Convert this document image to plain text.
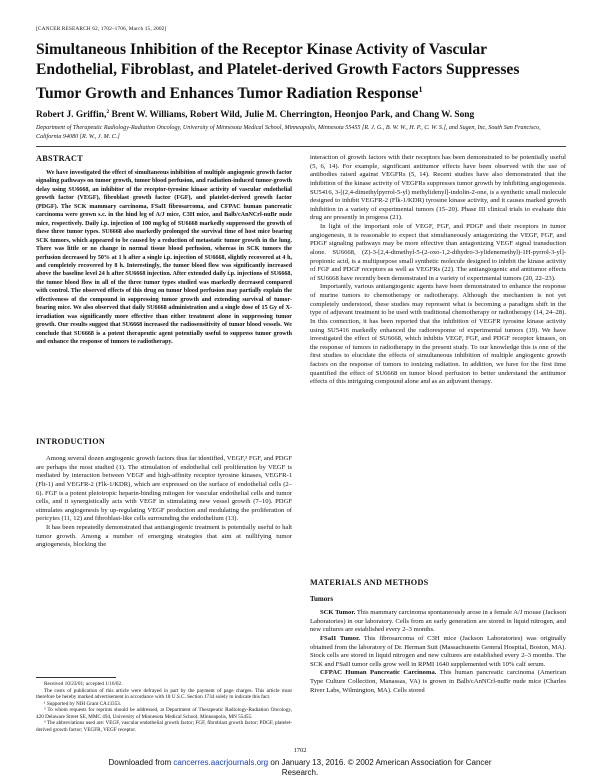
[CANCER RESEARCH 62, 1702–1706, March 15, 2002]
Simultaneous Inhibition of the Receptor Kinase Activity of Vascular Endothelial, Fibroblast, and Platelet-derived Growth Factors Suppresses Tumor Growth and Enhances Tumor Radiation Response$^1$
Robert J. Griffin,$^2$ Brent W. Williams, Robert Wild, Julie M. Cherrington, Heonjoo Park, and Chang W. Song
Department of Therapeutic Radiology-Radiation Oncology, University of Minnesota Medical School, Minneapolis, Minnesota 55455 [R. J. G., B. W. W., H. P., C. W. S.], and Sugen, Inc, South San Francisco, California 94080 [R. W., J. M. C.]
ABSTRACT

We have investigated the effect of simultaneous inhibition of multiple angiogenic growth factor signaling pathways on tumor growth, tumor blood perfusion, and radiation-induced tumor-growth delay using SU6668, an inhibitor of the receptor-tyrosine kinase activity of vascular endothelial growth factor (VEGF), fibroblast growth factor (FGF), and platelet-derived growth factor (PDGF). The SCK mammary carcinoma, FSaII fibrosarcoma, and CFPAC human pancreatic carcinoma were grown s.c. in the hind leg of A/J mice, C3H mice, and Balb/cAnNCrl-nuBr nude mice, respectively. Daily i.p. injection of 100 mg/kg of SU6668 markedly suppressed the growth of these three tumor types. SU6668 also markedly prolonged the survival time of host mice bearing SCK tumors, which appeared to be caused by a reduction of metastatic tumor growth in the lung. There was little or no change in normal tissue blood perfusion, whereas in SCK tumors the perfusion decreased by 50% at 1 h after a single i.p. injection of SU6668, slightly recovered at 4 h, and completely recovered by 8 h. Interestingly, the tumor blood flow was significantly increased above the baseline level 24 h after SU6668 injection. After extended daily i.p. injections of SU6668, the tumor blood flow in all of the three tumor types studied was markedly decreased compared with control. The observed effects of this drug on tumor blood perfusion may partially explain the effectiveness of the compound in suppressing tumor growth and extending survival of tumor-bearing mice. We also observed that daily SU6668 administration and a single dose of 15 Gy of X-irradiation was significantly more effective than either treatment alone in suppressing tumor growth. Our results suggest that SU6668 increased the radiosensitivity of tumor blood vessels. We conclude that SU6668 is a potent therapeutic agent potentially useful to suppress tumor growth and enhance the response of tumors to radiotherapy.

INTRODUCTION

Among several dozen angiogenic growth factors thus far identified, VEGF,³ FGF, and PDGF are perhaps the most studied (1). The stimulation of endothelial cell proliferation by VEGF is mediated by interaction between VEGF and high-affinity receptor tyrosine kinases, VEGFR-1 (Flt-1) and VEGFR-2 (Flk-1/KDR), which are expressed on the surface of endothelial cells (2–6). FGF is a potent pleiotropic heparin-binding mitogen for vascular endothelial cells and tumor cells, and it synergistically acts with VEGF in stimulating new vessel growth (7–10). PDGF stimulates angiogenesis by up-regulating VEGF production and modulating the proliferation of pericytes (11, 12) and fibroblast-like cells surrounding the endothelium (13).

It has been repeatedly demonstrated that antiangiogenic treatment is potentially useful to halt tumor growth. Among a number of emerging strategies that aim at nullifying tumor angiogenesis, blocking the

Received 10/23/01; accepted 1/16/02.
The costs of publication of this article were defrayed in part by the payment of page charges. This article must therefore be hereby marked advertisement in accordance with 18 U.S.C. Section 1734 solely to indicate this fact.
¹ Supported by NIH Grant CA13353.
² To whom requests for reprints should be addressed, at Department of Therapeutic Radiology-Radiation Oncology, 420 Delaware Street SE, MMC 494, University of Minnesota Medical School, Minneapolis, MN 55455.
³ The abbreviations used are: VEGF, vascular endothelial growth factor; FGF, fibroblast growth factor; PDGF, platelet-derived growth factor; VEGFR, VEGF receptor.

interaction of growth factors with their receptors has been demonstrated to be potentially useful (5, 6, 14). For example, significant antitumor effects have been observed with the use of antibodies raised against VEGFRs (5, 14). Recent studies have also demonstrated that the inhibition of the kinase activity of VEGFRs suppresses tumor growth by inhibiting angiogenesis. SU5416, 3-[(2,4-dimethylpyrrol-5-yl) methylidenyl]-indolin-2-one, is a synthetic small molecule designed to inhibit VEGFR-2 (Flk-1/KDR) tyrosine kinase activity, and it causes marked growth inhibition in a variety of experimental tumors (15–20). Phase III clinical trials to evaluate this drug are presently in progress (21).

In light of the important role of VEGF, FGF, and PDGF and their receptors in tumor angiogenesis, it is reasonable to expect that simultaneously antagonizing the VEGF, FGF, and PDGF signaling pathways may be more effective than antagonizing VEGF signal transduction alone. SU6668, (Z)-3-[2,4-dimethyl-5-(2-oxo-1,2-dihydro-3-ylidenemethyl)-1H-pyrrol-3-yl]-propionic acid, is a multipurpose small synthetic molecule designed to inhibit the kinase activity of FGF and PDGF receptors as well as VEGFRs (22). The antiangiogenic and antitumor effects of SU6668 have recently been demonstrated in a variety of experimental tumors (20, 22–23).

Importantly, various antiangiogenic agents have been demonstrated to enhance the response of murine tumors to chemotherapy or radiotherapy. Although the mechanism is not yet completely understood, these studies may represent what is becoming a paradigm shift in the type of adjuvant treatment to be used with traditional chemotherapy or radiotherapy (14, 24–28). In this connection, it has been reported that the inhibition of VEGFR tyrosine kinase activity using SU5416 markedly enhanced the radioresponse of experimental tumors (19). We have investigated the effect of SU6668, which inhibits VEGF, FGF, and PDGF receptor kinases, on the response of tumors to radiotherapy in the present study. To our knowledge this is one of the first studies to elucidate the effects of simultaneous inhibition of multiple angiogenic growth factors on the response of tumors to ionizing radiation. In addition, we have for the first time quantified the effect of SU6668 on tumor blood perfusion to better understand the antitumor effects of this intriguing compound alone and as an adjuvant therapy.

MATERIALS AND METHODS

Tumors

SCK Tumor. This mammary carcinoma spontaneously arose in a female A/J mouse (Jackson Laboratories) in our laboratory. Cells from an early generation are stored in liquid nitrogen, and new cultures are established every 2–3 months.

FSaII Tumor. This fibrosarcoma of C3H mice (Jackson Laboratories) was originally obtained from the laboratory of Dr. Herman Suit (Massachusetts General Hospital, Boston, MA). Stock cells are stored in liquid nitrogen and new cultures are established every 2–3 months. The SCK and FSaII tumor cells grow well in RPMI 1640 supplemented with 10% calf serum.

CFPAC Human Pancreatic Carcinoma. This human pancreatic carcinoma (American Type Culture Collection, Manassas, VA) is grown in Balb/cAnNCrl-nuBr nude mice (Charles River Labs, Wilmington, MA). Cells stored

1702
Downloaded from cancerres.aacrjournals.org on January 13, 2016. © 2002 American Association for Cancer
Research.
